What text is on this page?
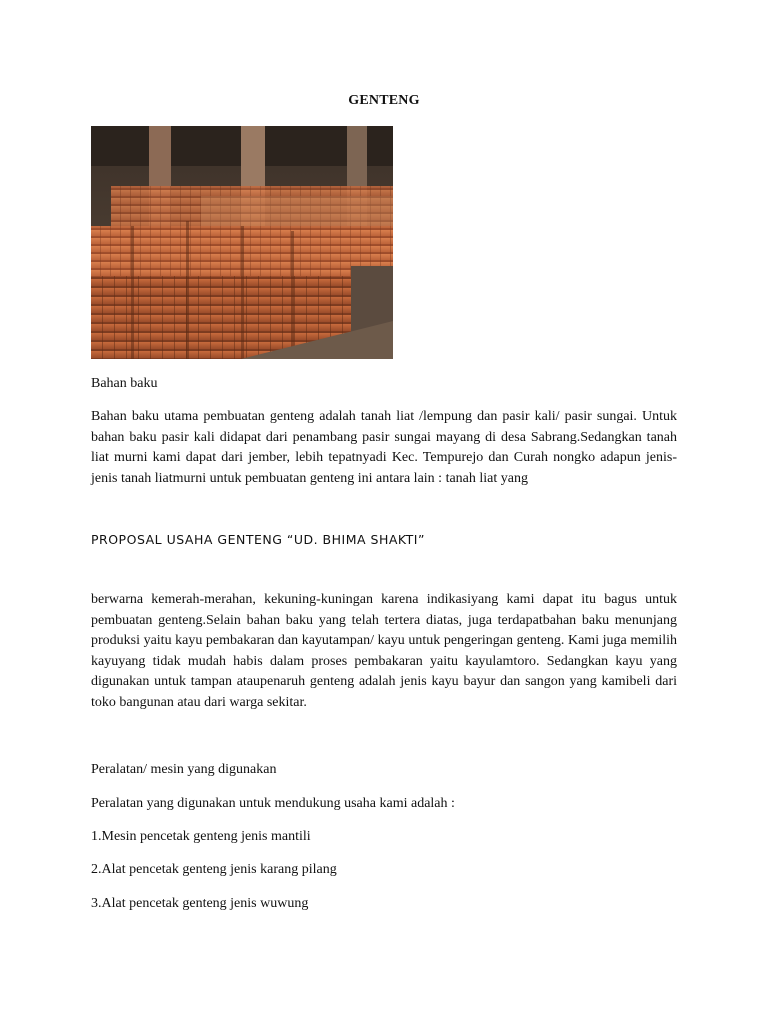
GENTENG

Bahan baku

Bahan baku utama pembuatan genteng adalah tanah liat /lempung dan pasir kali/ pasir sungai. Untuk bahan baku pasir kali didapat dari penambang pasir sungai mayang di desa Sabrang.Sedangkan tanah liat murni kami dapat dari jember, lebih tepatnyadi Kec. Tempurejo dan Curah nongko adapun jenis-jenis tanah liatmurni untuk pembuatan genteng ini antara lain : tanah liat yang

PROPOSAL USAHA GENTENG “UD. BHIMA SHAKTI”

berwarna kemerah-merahan, kekuning-kuningan karena indikasiyang kami dapat itu bagus untuk pembuatan genteng.Selain bahan baku yang telah tertera diatas, juga terdapatbahan baku menunjang produksi yaitu kayu pembakaran dan kayutampan/ kayu untuk pengeringan genteng. Kami juga memilih kayuyang tidak mudah habis dalam proses pembakaran yaitu kayulamtoro. Sedangkan kayu yang digunakan untuk tampan ataupenaruh genteng adalah jenis kayu bayur dan sangon yang kamibeli dari toko bangunan atau dari warga sekitar.

Peralatan/ mesin yang digunakan

Peralatan yang digunakan untuk mendukung usaha kami adalah :

1.Mesin pencetak genteng jenis mantili

2.Alat pencetak genteng jenis karang pilang

3.Alat pencetak genteng jenis wuwung
